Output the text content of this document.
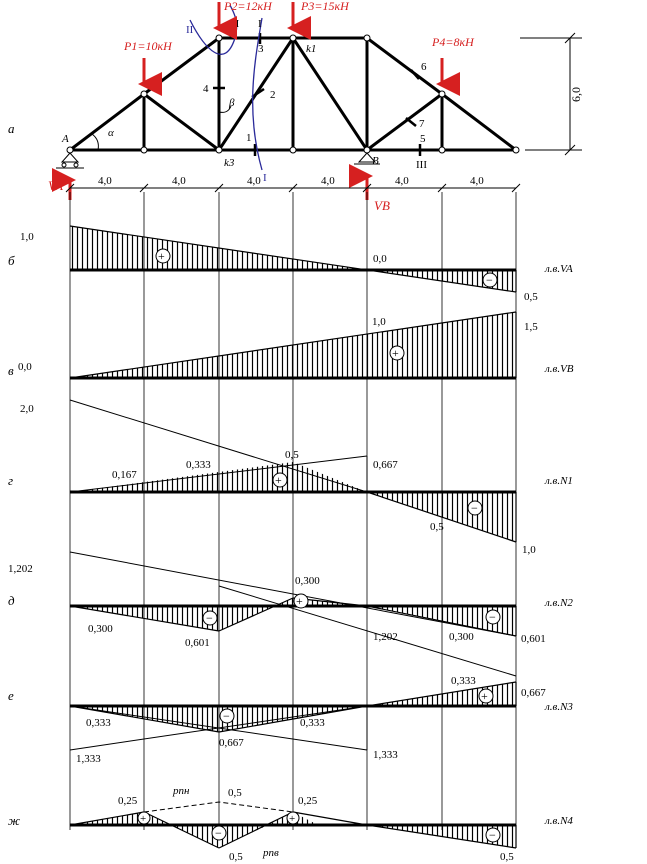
1
2
3
4
5
6
7
II	II I
I
III
α
β
A
B
k1
k3
P1=10кН
P2=12кН P3=15кН
P4=8кН
VA
VB
6,0
4,0	4,0	4,0	4,0	4,0	4,0
а
б
в
г
д
е
ж
+
−
1,0
0,0
0,5
л.в.VA
+
0,0
1,0	1,5
л.в.VB
+
−
2,0
0,167
0,333
0,5
0,667
0,5
1,0
л.в.N1
−
+
−
1,202
0,300
0,300
0,601	1,202	0,300	0,601
л.в.N2
−
+
0,333
0,667
0,333
0,667
0,333
1,333	1,333
л.в.N3
+
−
+
−
0,25
0,5
0,25
рпн
0,5 рпв	0,5
л.в.N4
